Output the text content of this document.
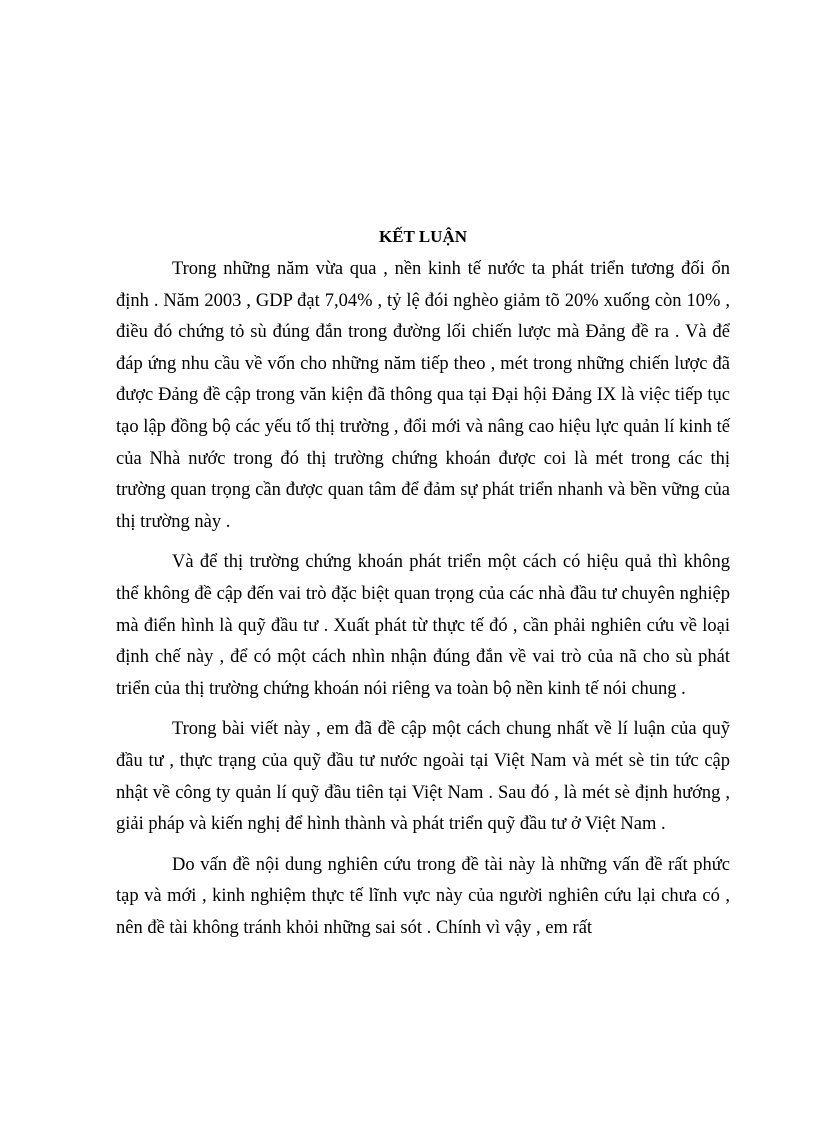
KẾT LUẬN

Trong những năm vừa qua , nền kinh tế nước ta phát triển tương đối ổn định . Năm 2003 , GDP đạt 7,04% , tỷ lệ đói nghèo giảm tõ 20% xuống còn 10% , điều đó chứng tỏ sù đúng đắn trong đường lối chiến lược mà Đảng đề ra . Và để đáp ứng nhu cầu về vốn cho những năm tiếp theo , mét trong những chiến lược đã được Đảng đề cập trong văn kiện đã thông qua tại Đại hội Đảng IX là việc tiếp tục tạo lập đồng bộ các yếu tố thị trường , đổi mới và nâng cao hiệu lực quản lí kinh tế của Nhà nước trong đó thị trường chứng khoán được coi là mét trong các thị trường quan trọng cần được quan tâm để đảm sự phát triển nhanh và bền vững của thị trường này .

Và để thị trường chứng khoán phát triển một cách có hiệu quả thì không thể không đề cập đến vai trò đặc biệt quan trọng của các nhà đầu tư chuyên nghiệp mà điển hình là quỹ đầu tư . Xuất phát từ thực tế đó , cần phải nghiên cứu về loại định chế này , để có một cách nhìn nhận đúng đắn về vai trò của nã cho sù phát triển của thị trường chứng khoán nói riêng va toàn bộ nền kinh tế nói chung .

Trong bài viết này , em đã đề cập một cách chung nhất về lí luận của quỹ đầu tư , thực trạng của quỹ đầu tư nước ngoài tại Việt Nam và mét sè tin tức cập nhật về công ty quản lí quỹ đầu tiên tại Việt Nam . Sau đó , là mét sè định hướng , giải pháp và kiến nghị để hình thành và phát triển quỹ đầu tư ở Việt Nam .

Do vấn đề nội dung nghiên cứu trong đề tài này là những vấn đề rất phức tạp và mới , kinh nghiệm thực tế lĩnh vực này của người nghiên cứu lại chưa có , nên đề tài không tránh khỏi những sai sót . Chính vì vậy , em rất
